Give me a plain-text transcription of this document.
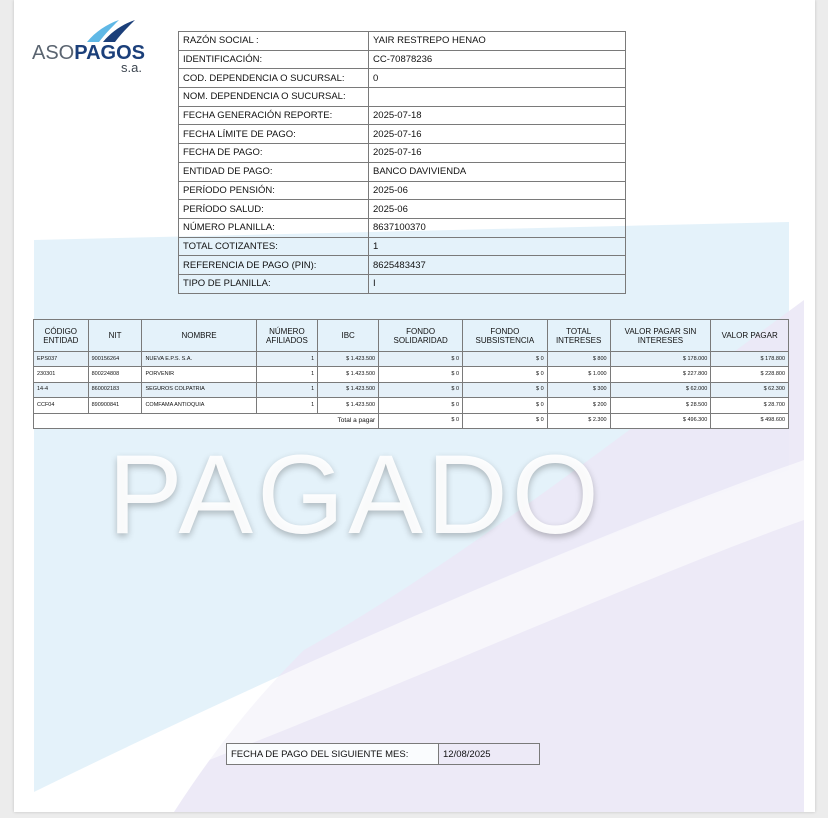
PAGADO
ASOPAGOS
s.a.
RAZÓN SOCIAL :	YAIR RESTREPO HENAO
IDENTIFICACIÓN:	CC-70878236
COD. DEPENDENCIA O SUCURSAL:	0
NOM. DEPENDENCIA O SUCURSAL:	
FECHA GENERACIÓN REPORTE:	2025-07-18
FECHA LÍMITE DE PAGO:	2025-07-16
FECHA DE PAGO:	2025-07-16
ENTIDAD DE PAGO:	BANCO DAVIVIENDA
PERÍODO PENSIÓN:	2025-06
PERÍODO SALUD:	2025-06
NÚMERO PLANILLA:	8637100370
TOTAL COTIZANTES:	1
REFERENCIA DE PAGO (PIN):	8625483437
TIPO DE PLANILLA:	I
CÓDIGO ENTIDAD	NIT	NOMBRE	NÚMERO AFILIADOS	IBC	FONDO SOLIDARIDAD	FONDO SUBSISTENCIA	TOTAL INTERESES	VALOR PAGAR SIN INTERESES	VALOR PAGAR
EPS037	900156264	NUEVA E.P.S. S.A.	1	$ 1.423.500	$ 0	$ 0	$ 800	$ 178.000	$ 178.800
230301	800224808	PORVENIR	1	$ 1.423.500	$ 0	$ 0	$ 1.000	$ 227.800	$ 228.800
14-4	860002183	SEGUROS COLPATRIA	1	$ 1.423.500	$ 0	$ 0	$ 300	$ 62.000	$ 62.300
CCF04	890900841	COMFAMA ANTIOQUIA	1	$ 1.423.500	$ 0	$ 0	$ 200	$ 28.500	$ 28.700
Total a pagar					$ 0	$ 0	$ 2.300	$ 496.300	$ 498.600
FECHA DE PAGO DEL SIGUIENTE MES:	12/08/2025
